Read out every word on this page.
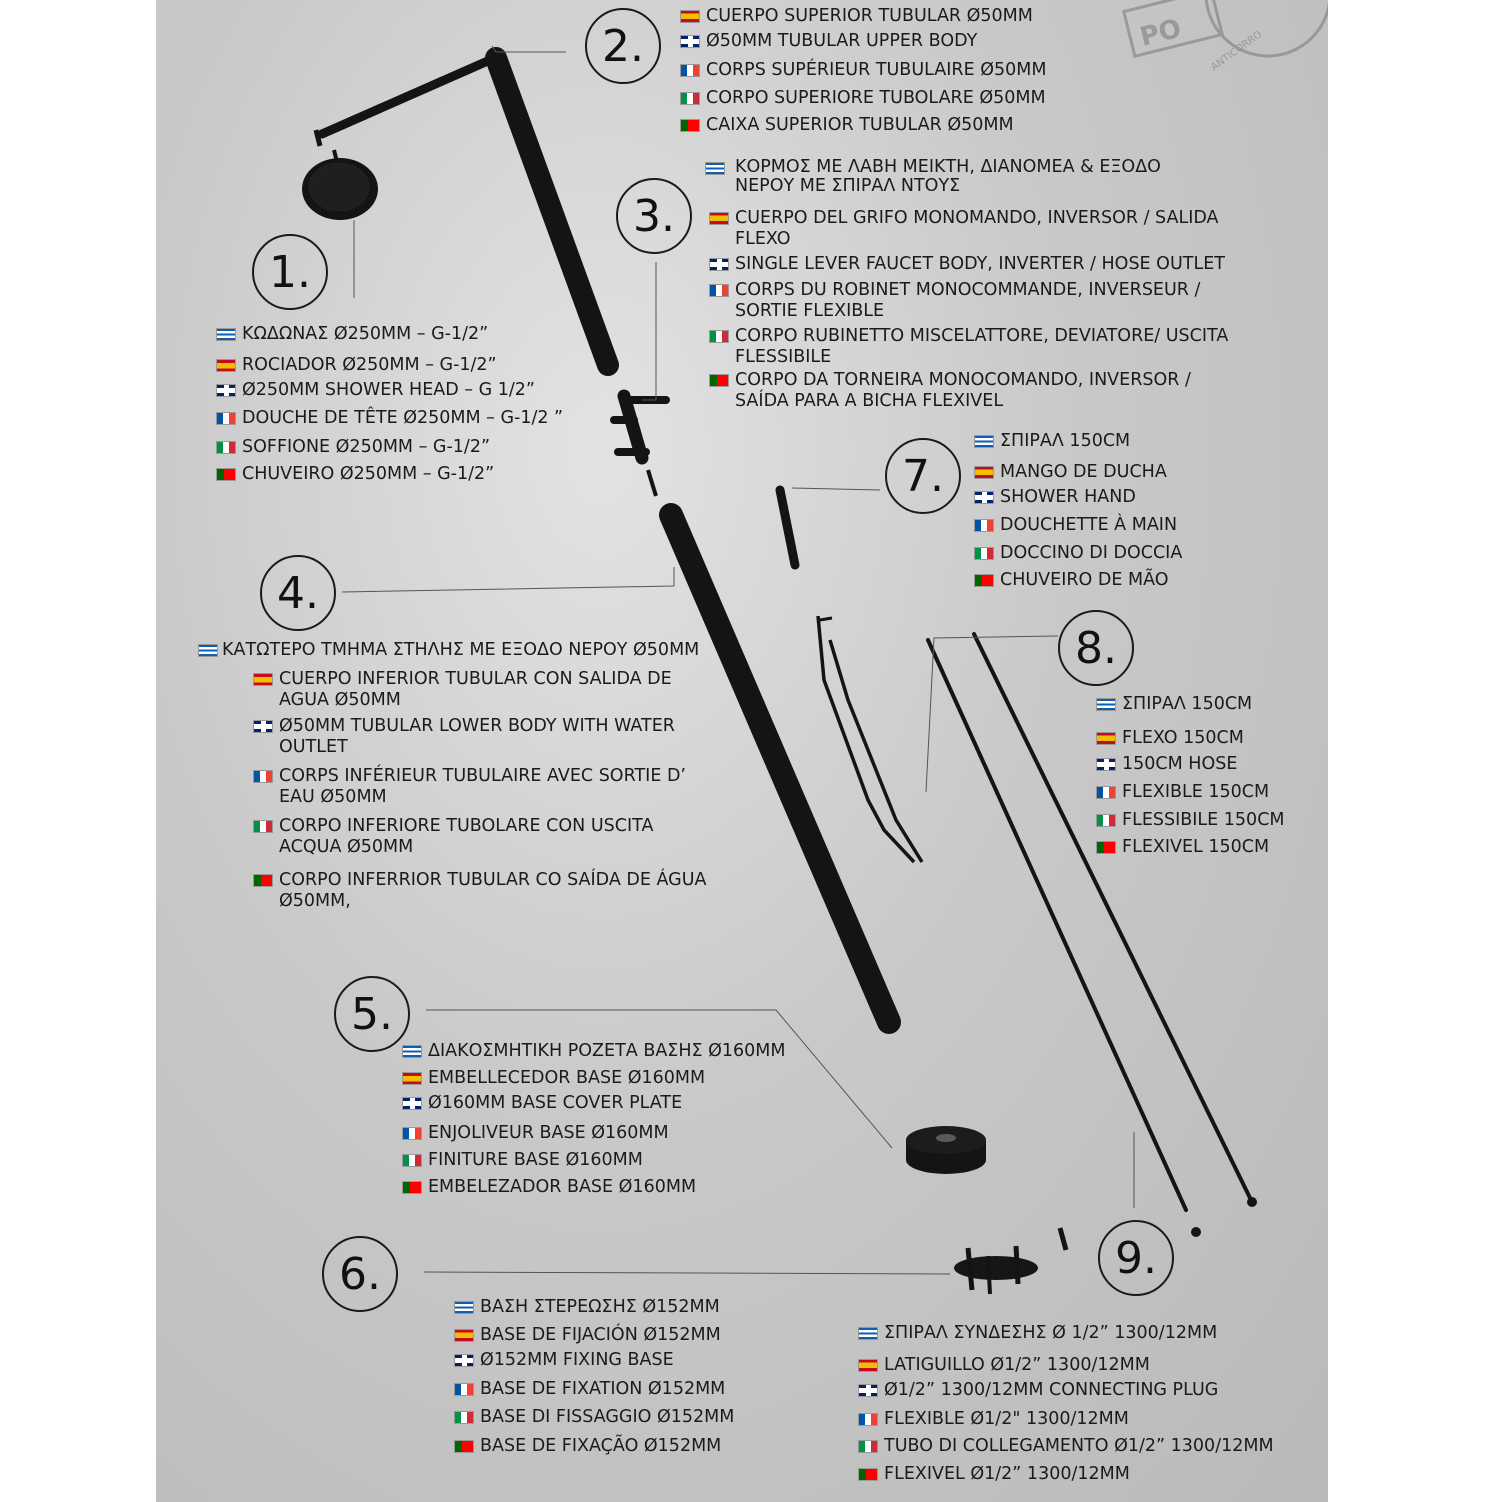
PO ANTICORRO
1.
2.
3.
4.
5.
6.
7.
8.
9.
ΚΩΔΩΝΑΣ Ø250MM – G-1/2”
ROCIADOR Ø250MM – G-1/2”
Ø250MM SHOWER HEAD – G 1/2”
DOUCHE DE TÊTE Ø250MM – G-1/2 ”
SOFFIONE Ø250MM – G-1/2”
CHUVEIRO Ø250MM – G-1/2”
CUERPO SUPERIOR TUBULAR Ø50MM
Ø50MM TUBULAR UPPER BODY
CORPS SUPÉRIEUR TUBULAIRE Ø50MM
CORPO SUPERIORE TUBOLARE Ø50MM
CAIXA SUPERIOR TUBULAR Ø50MM
ΚΟΡΜΟΣ ΜΕ ΛΑΒΗ ΜΕΙΚΤΗ, ΔΙΑΝΟΜΕΑ & ΕΞΟΔΟ ΝΕΡΟΥ ΜΕ ΣΠΙΡΑΛ ΝΤΟΥΣ
CUERPO DEL GRIFO MONOMANDO, INVERSOR / SALIDA FLEXO
SINGLE LEVER FAUCET BODY, INVERTER / HOSE OUTLET
CORPS DU ROBINET MONOCOMMANDE, INVERSEUR / SORTIE FLEXIBLE
CORPO RUBINETTO MISCELATTORE, DEVIATORE/ USCITA FLESSIBILE
CORPO DA TORNEIRA MONOCOMANDO, INVERSOR / SAÍDA PARA A BICHA FLEXIVEL
ΚΑΤΩΤΕΡΟ ΤΜΗΜΑ ΣΤΗΛΗΣ ΜΕ ΕΞΟΔΟ ΝΕΡΟΥ Ø50MM
CUERPO INFERIOR TUBULAR CON SALIDA DE AGUA Ø50MM
Ø50MM TUBULAR LOWER BODY WITH WATER OUTLET
CORPS INFÉRIEUR TUBULAIRE AVEC SORTIE D’ EAU Ø50MM
CORPO INFERIORE TUBOLARE CON USCITA ACQUA Ø50MM
CORPO INFERRIOR TUBULAR CO SAÍDA DE ÁGUA Ø50MM,
ΔΙΑΚΟΣΜΗΤΙΚΗ ΡΟΖΕΤΑ ΒΑΣΗΣ Ø160MM
EMBELLECEDOR BASE Ø160MM
Ø160MM BASE COVER PLATE
ENJOLIVEUR BASE Ø160MM
FINITURE BASE Ø160MM
EMBELEZADOR BASE Ø160MM
ΒΑΣΗ ΣΤΕΡΕΩΣΗΣ Ø152MM
BASE DE FIJACIÓN Ø152MM
Ø152MM FIXING BASE
BASE DE FIXATION Ø152MM
BASE DI FISSAGGIO Ø152MM
BASE DE FIXAÇÃO Ø152MM
ΣΠΙΡΑΛ 150CM
MANGO DE DUCHA
SHOWER HAND
DOUCHETTE À MAIN
DOCCINO DI DOCCIA
CHUVEIRO DE MÃO
ΣΠΙΡΑΛ 150CM
FLEXO 150CM
150CM HOSE
FLEXIBLE 150CM
FLESSIBILE 150CM
FLEXIVEL 150CM
ΣΠΙΡΑΛ ΣΥΝΔΕΣΗΣ Ø 1/2” 1300/12MM
LATIGUILLO Ø1/2” 1300/12MM
Ø1/2” 1300/12MM CONNECTING PLUG
FLEXIBLE Ø1/2" 1300/12MM
TUBO DI COLLEGAMENTO Ø1/2” 1300/12MM
FLEXIVEL Ø1/2” 1300/12MM
